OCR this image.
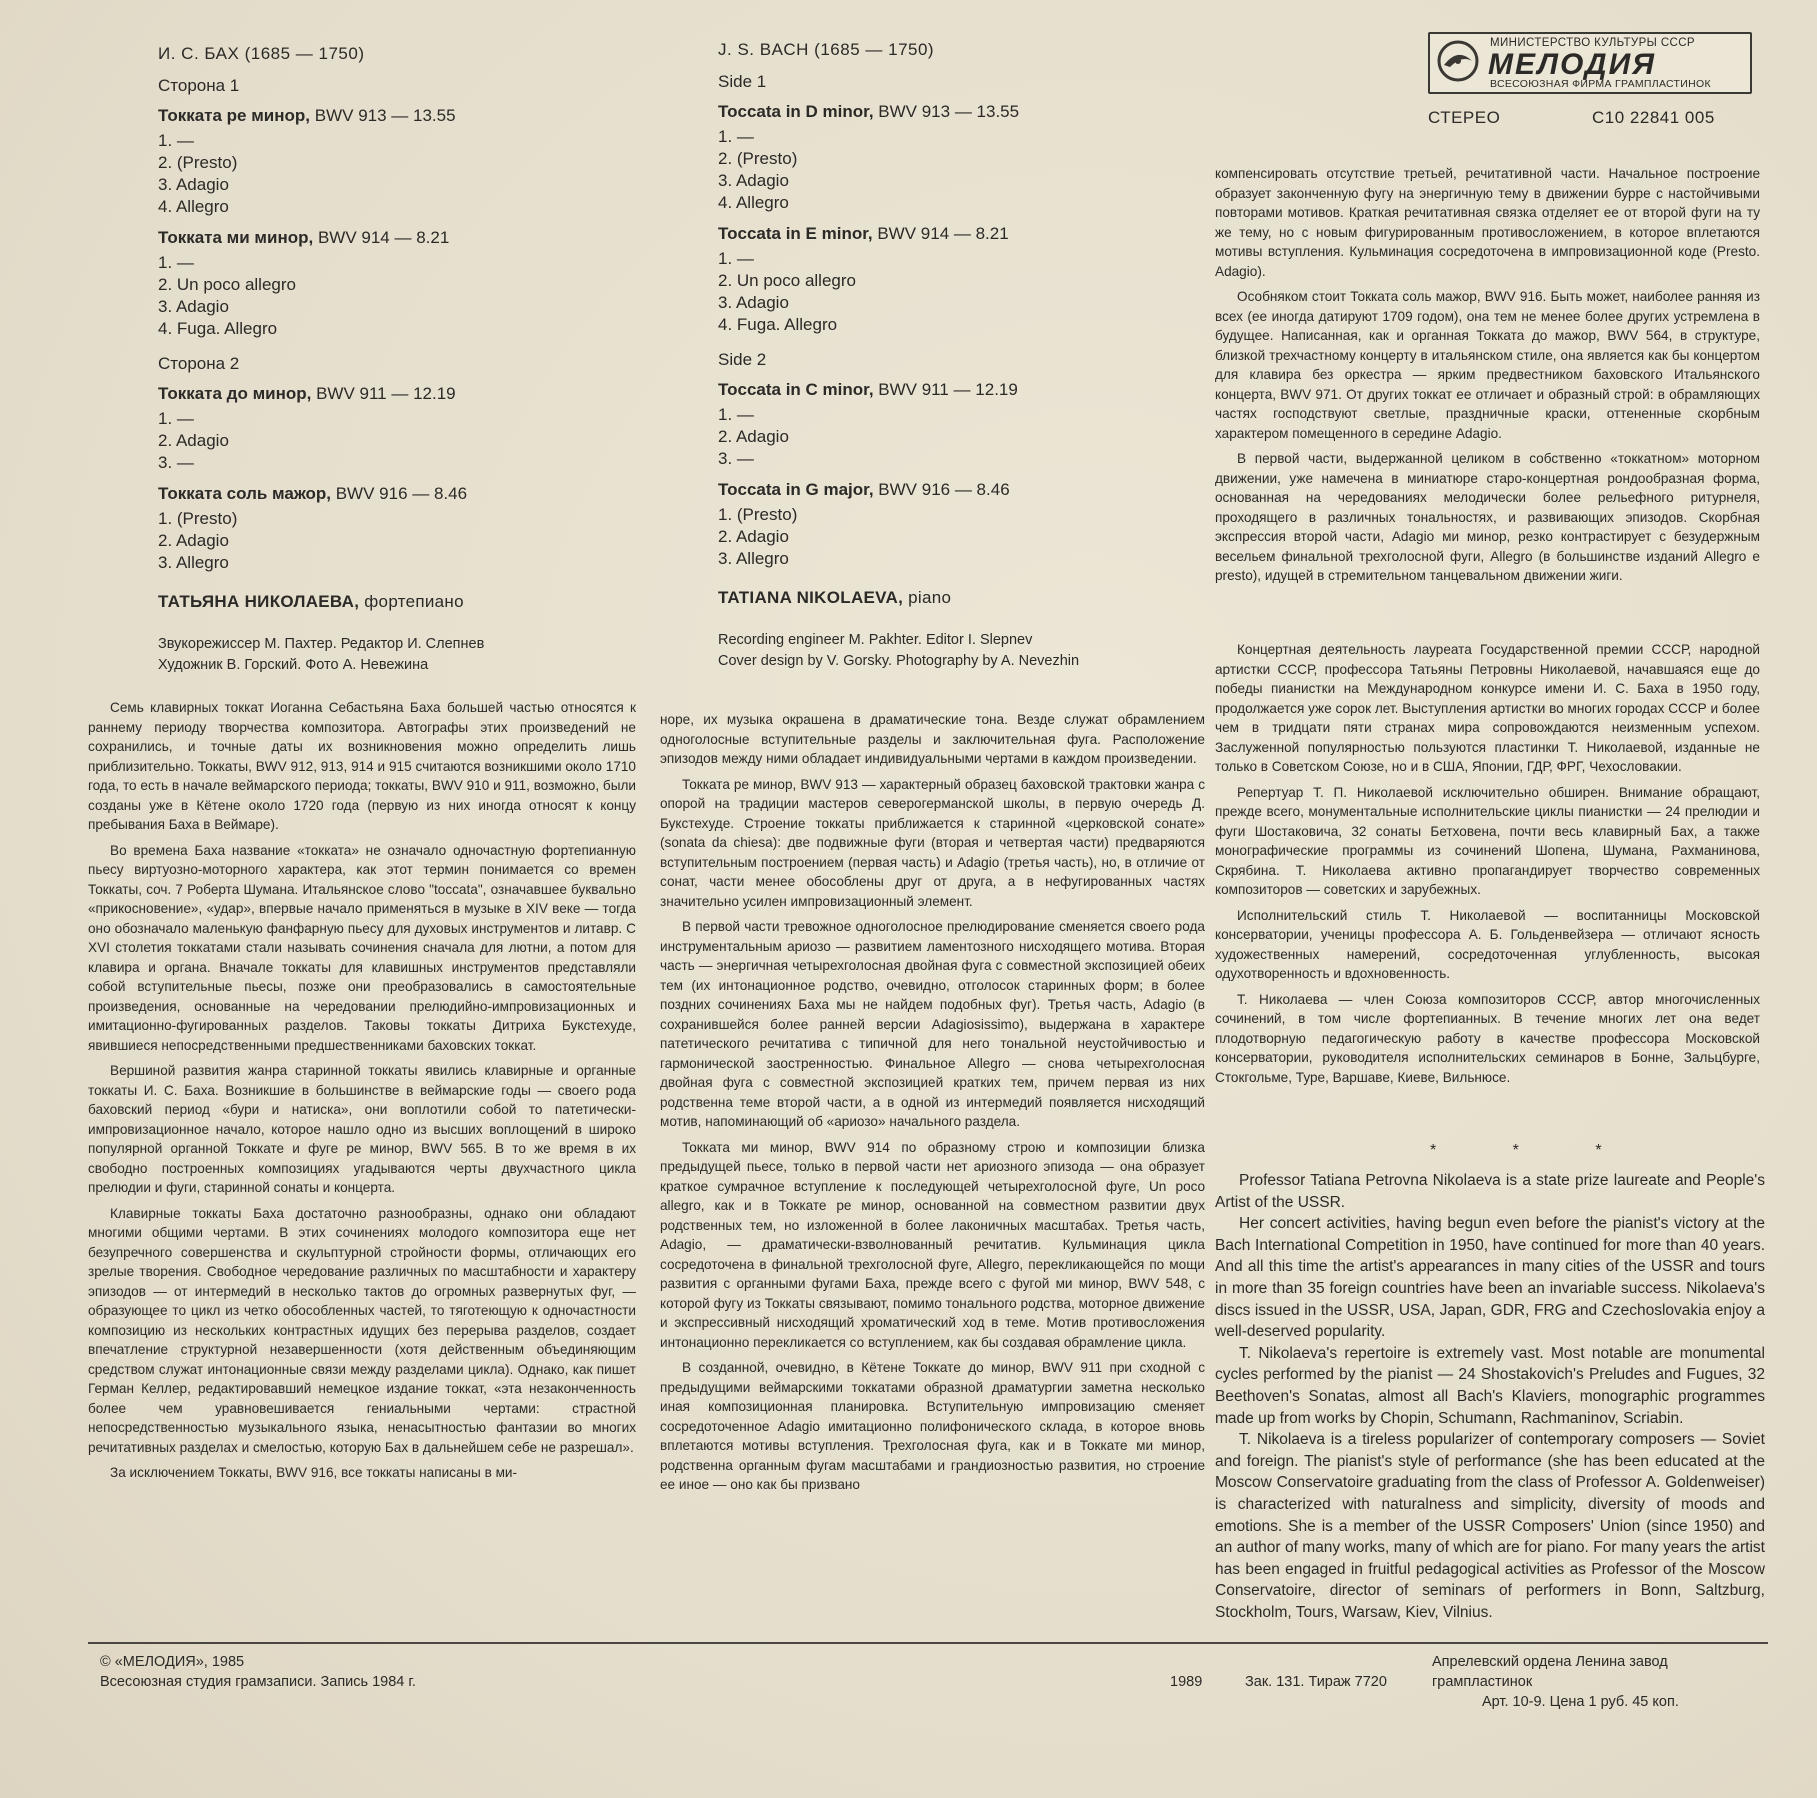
И. С. БАХ (1685 — 1750)
Сторона 1
Токката ре минор, BWV 913 — 13.55
1. —
2. (Presto)
3. Adagio
4. Allegro
Токката ми минор, BWV 914 — 8.21
1. —
2. Un poco allegro
3. Adagio
4. Fuga. Allegro
Сторона 2
Токката до минор, BWV 911 — 12.19
1. —
2. Adagio
3. —
Токката соль мажор, BWV 916 — 8.46
1. (Presto)
2. Adagio
3. Allegro
ТАТЬЯНА НИКОЛАЕВА, фортепиано
Звукорежиссер М. Пахтер. Редактор И. Слепнев
Художник В. Горский. Фото А. Невежина
J. S. BACH (1685 — 1750)
Side 1
Toccata in D minor, BWV 913 — 13.55
1. —
2. (Presto)
3. Adagio
4. Allegro
Toccata in E minor, BWV 914 — 8.21
1. —
2. Un poco allegro
3. Adagio
4. Fuga. Allegro
Side 2
Toccata in C minor, BWV 911 — 12.19
1. —
2. Adagio
3. —
Toccata in G major, BWV 916 — 8.46
1. (Presto)
2. Adagio
3. Allegro
TATIANA NIKOLAEVA, piano
Recording engineer M. Pakhter. Editor I. Slepnev
Cover design by V. Gorsky. Photography by A. Nevezhin
МИНИСТЕРСТВО КУЛЬТУРЫ СССР
МЕЛОДИЯ
ВСЕСОЮЗНАЯ ФИРМА ГРАМПЛАСТИНОК
СТЕРЕО	С10 22841 005

Семь клавирных токкат Иоганна Себастьяна Баха большей частью относятся к раннему периоду творчества композитора. Автографы этих произведений не сохранились, и точные даты их возникновения можно определить лишь приблизительно. Токкаты, BWV 912, 913, 914 и 915 считаются возникшими около 1710 года, то есть в начале веймарского периода; токкаты, BWV 910 и 911, возможно, были созданы уже в Кётене около 1720 года (первую из них иногда относят к концу пребывания Баха в Веймаре).

Во времена Баха название «токката» не означало одночастную фортепианную пьесу виртуозно-моторного характера, как этот термин понимается со времен Токкаты, соч. 7 Роберта Шумана. Итальянское слово "toccata", означавшее буквально «прикосновение», «удар», впервые начало применяться в музыке в XIV веке — тогда оно обозначало маленькую фанфарную пьесу для духовых инструментов и литавр. С XVI столетия токкатами стали называть сочинения сначала для лютни, а потом для клавира и органа. Вначале токкаты для клавишных инструментов представляли собой вступительные пьесы, позже они преобразовались в самостоятельные произведения, основанные на чередовании прелюдийно-импровизационных и имитационно-фугированных разделов. Таковы токкаты Дитриха Букстехуде, явившиеся непосредственными предшественниками баховских токкат.

Вершиной развития жанра старинной токкаты явились клавирные и органные токкаты И. С. Баха. Возникшие в большинстве в веймарские годы — своего рода баховский период «бури и натиска», они воплотили собой то патетически-импровизационное начало, которое нашло одно из высших воплощений в широко популярной органной Токкате и фуге ре минор, BWV 565. В то же время в их свободно построенных композициях угадываются черты двухчастного цикла прелюдии и фуги, старинной сонаты и концерта.

Клавирные токкаты Баха достаточно разнообразны, однако они обладают многими общими чертами. В этих сочинениях молодого композитора еще нет безупречного совершенства и скульптурной стройности формы, отличающих его зрелые творения. Свободное чередование различных по масштабности и характеру эпизодов — от интермедий в несколько тактов до огромных развернутых фуг, — образующее то цикл из четко обособленных частей, то тяготеющую к одночастности композицию из нескольких контрастных идущих без перерыва разделов, создает впечатление структурной незавершенности (хотя действенным объединяющим средством служат интонационные связи между разделами цикла). Однако, как пишет Герман Келлер, редактировавший немецкое издание токкат, «эта незаконченность более чем уравновешивается гениальными чертами: страстной непосредственностью музыкального языка, ненасытностью фантазии во многих речитативных разделах и смелостью, которую Бах в дальнейшем себе не разрешал».

За исключением Токкаты, BWV 916, все токкаты написаны в ми-

норе, их музыка окрашена в драматические тона. Везде служат обрамлением одноголосные вступительные разделы и заключительная фуга. Расположение эпизодов между ними обладает индивидуальными чертами в каждом произведении.

Токката ре минор, BWV 913 — характерный образец баховской трактовки жанра с опорой на традиции мастеров северогерманской школы, в первую очередь Д. Букстехуде. Строение токкаты приближается к старинной «церковской сонате» (sonata da chiesa): две подвижные фуги (вторая и четвертая части) предваряются вступительным построением (первая часть) и Adagio (третья часть), но, в отличие от сонат, части менее обособлены друг от друга, а в нефугированных частях значительно усилен импровизационный элемент.

В первой части тревожное одноголосное прелюдирование сменяется своего рода инструментальным ариозо — развитием ламентозного нисходящего мотива. Вторая часть — энергичная четырехголосная двойная фуга с совместной экспозицией обеих тем (их интонационное родство, очевидно, отголосок старинных форм; в более поздних сочинениях Баха мы не найдем подобных фуг). Третья часть, Adagio (в сохранившейся более ранней версии Adagiosissimo), выдержана в характере патетического речитатива с типичной для него тональной неустойчивостью и гармонической заостренностью. Финальное Allegro — снова четырехголосная двойная фуга с совместной экспозицией кратких тем, причем первая из них родственна теме второй части, а в одной из интермедий появляется нисходящий мотив, напоминающий об «ариозо» начального раздела.

Токката ми минор, BWV 914 по образному строю и композиции близка предыдущей пьесе, только в первой части нет ариозного эпизода — она образует краткое сумрачное вступление к последующей четырехголосной фуге, Un poco allegro, как и в Токкате ре минор, основанной на совместном развитии двух родственных тем, но изложенной в более лаконичных масштабах. Третья часть, Adagio, — драматически-взволнованный речитатив. Кульминация цикла сосредоточена в финальной трехголосной фуге, Allegro, перекликающейся по мощи развития с органными фугами Баха, прежде всего с фугой ми минор, BWV 548, с которой фугу из Токкаты связывают, помимо тонального родства, моторное движение и экспрессивный нисходящий хроматический ход в теме. Мотив противосложения интонационно перекликается со вступлением, как бы создавая обрамление цикла.

В созданной, очевидно, в Кётене Токкате до минор, BWV 911 при сходной с предыдущими веймарскими токкатами образной драматургии заметна несколько иная композиционная планировка. Вступительную импровизацию сменяет сосредоточенное Adagio имитационно полифонического склада, в которое вновь вплетаются мотивы вступления. Трехголосная фуга, как и в Токкате ми минор, родственна органным фугам масштабами и грандиозностью развития, но строение ее иное — оно как бы призвано

компенсировать отсутствие третьей, речитативной части. Начальное построение образует законченную фугу на энергичную тему в движении бурре с настойчивыми повторами мотивов. Краткая речитативная связка отделяет ее от второй фуги на ту же тему, но с новым фигурированным противосложением, в которое вплетаются мотивы вступления. Кульминация сосредоточена в импровизационной коде (Presto. Adagio).

Особняком стоит Токката соль мажор, BWV 916. Быть может, наиболее ранняя из всех (ее иногда датируют 1709 годом), она тем не менее более других устремлена в будущее. Написанная, как и органная Токката до мажор, BWV 564, в структуре, близкой трехчастному концерту в итальянском стиле, она является как бы концертом для клавира без оркестра — ярким предвестником баховского Итальянского концерта, BWV 971. От других токкат ее отличает и образный строй: в обрамляющих частях господствуют светлые, праздничные краски, оттененные скорбным характером помещенного в середине Adagio.

В первой части, выдержанной целиком в собственно «токкатном» моторном движении, уже намечена в миниатюре старо-концертная рондообразная форма, основанная на чередованиях мелодически более рельефного ритурнеля, проходящего в различных тональностях, и развивающих эпизодов. Скорбная экспрессия второй части, Adagio ми минор, резко контрастирует с безудержным весельем финальной трехголосной фуги, Allegro (в большинстве изданий Allegro e presto), идущей в стремительном танцевальном движении жиги.

Концертная деятельность лауреата Государственной премии СССР, народной артистки СССР, профессора Татьяны Петровны Николаевой, начавшаяся еще до победы пианистки на Международном конкурсе имени И. С. Баха в 1950 году, продолжается уже сорок лет. Выступления артистки во многих городах СССР и более чем в тридцати пяти странах мира сопровождаются неизменным успехом. Заслуженной популярностью пользуются пластинки Т. Николаевой, изданные не только в Советском Союзе, но и в США, Японии, ГДР, ФРГ, Чехословакии.

Репертуар Т. П. Николаевой исключительно обширен. Внимание обращают, прежде всего, монументальные исполнительские циклы пианистки — 24 прелюдии и фуги Шостаковича, 32 сонаты Бетховена, почти весь клавирный Бах, а также монографические программы из сочинений Шопена, Шумана, Рахманинова, Скрябина. Т. Николаева активно пропагандирует творчество современных композиторов — советских и зарубежных.

Исполнительский стиль Т. Николаевой — воспитанницы Московской консерватории, ученицы профессора А. Б. Гольденвейзера — отличают ясность художественных намерений, сосредоточенная углубленность, высокая одухотворенность и вдохновенность.

Т. Николаева — член Союза композиторов СССР, автор многочисленных сочинений, в том числе фортепианных. В течение многих лет она ведет плодотворную педагогическую работу в качестве профессора Московской консерватории, руководителя исполнительских семинаров в Бонне, Зальцбурге, Стокгольме, Туре, Варшаве, Киеве, Вильнюсе.

* * *

Professor Tatiana Petrovna Nikolaeva is a state prize laureate and People's Artist of the USSR.

Her concert activities, having begun even before the pianist's victory at the Bach International Competition in 1950, have continued for more than 40 years. And all this time the artist's appearances in many cities of the USSR and tours in more than 35 foreign countries have been an invariable success. Nikolaeva's discs issued in the USSR, USA, Japan, GDR, FRG and Czechoslovakia enjoy a well-deserved popularity.

T. Nikolaeva's repertoire is extremely vast. Most notable are monumental cycles performed by the pianist — 24 Shostakovich's Preludes and Fugues, 32 Beethoven's Sonatas, almost all Bach's Klaviers, monographic programmes made up from works by Chopin, Schumann, Rachmaninov, Scriabin.

T. Nikolaeva is a tireless popularizer of contemporary composers — Soviet and foreign. The pianist's style of performance (she has been educated at the Moscow Conservatoire graduating from the class of Professor A. Goldenweiser) is characterized with naturalness and simplicity, diversity of moods and emotions. She is a member of the USSR Composers' Union (since 1950) and an author of many works, many of which are for piano. For many years the artist has been engaged in fruitful pedagogical activities as Professor of the Moscow Conservatoire, director of seminars of performers in Bonn, Saltzburg, Stockholm, Tours, Warsaw, Kiev, Vilnius.

© «МЕЛОДИЯ», 1985
Всесоюзная студия грамзаписи. Запись 1984 г.	1989	Зак. 131. Тираж 7720
Апрелевский ордена Ленина завод грампластинок
Арт. 10-9. Цена 1 руб. 45 коп.
